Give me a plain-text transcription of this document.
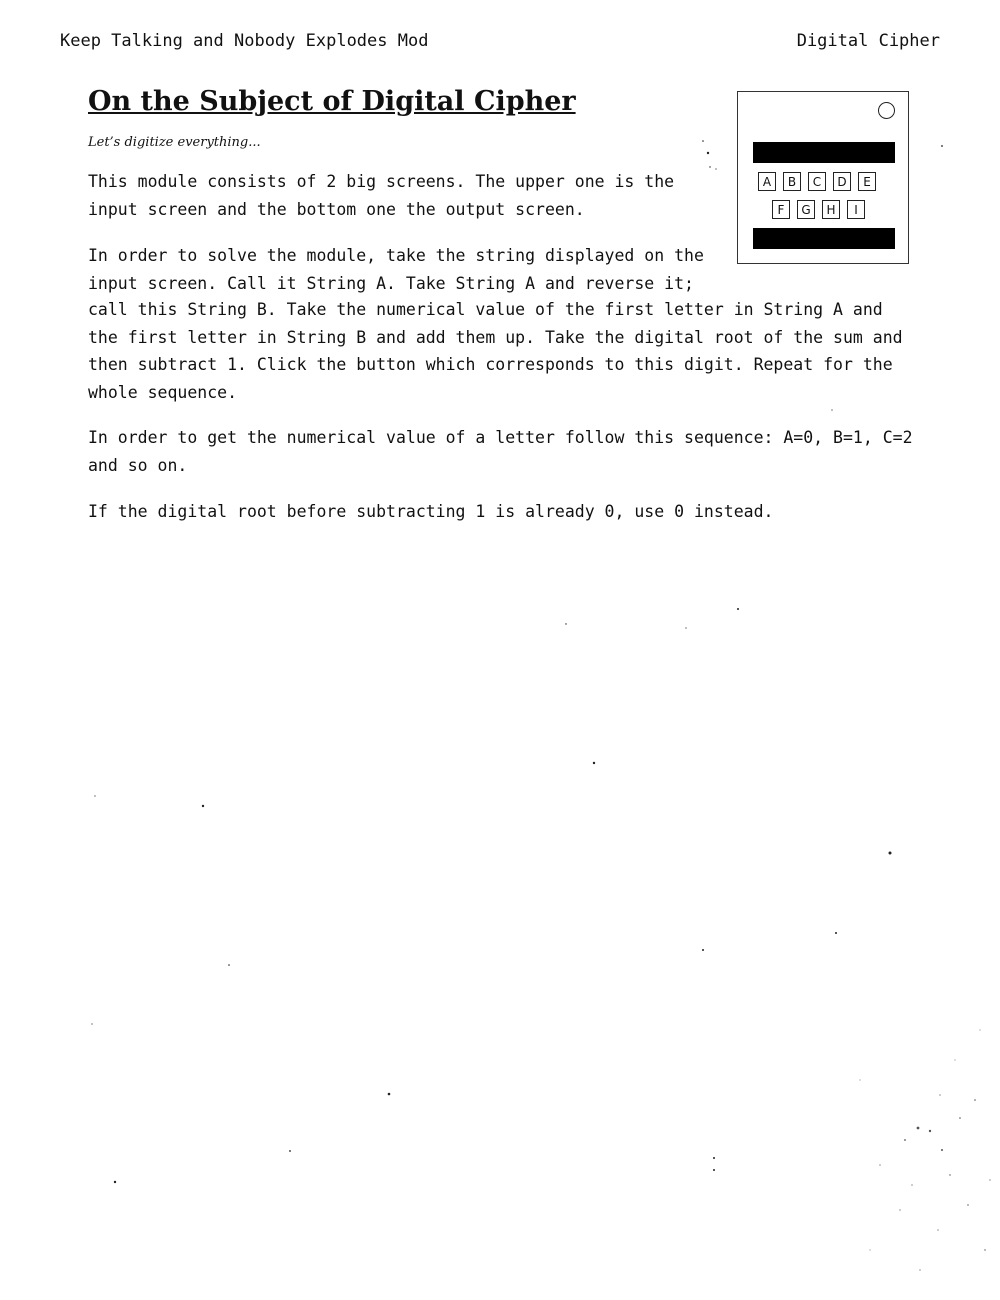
Keep Talking and Nobody Explodes Mod	Digital Cipher
On the Subject of Digital Cipher
Let’s digitize everything...

This module consists of 2 big screens. The upper one is the input screen and the bottom one the output screen.

In order to solve the module, take the string displayed on the input screen. Call it String A. Take String A and reverse it;

call this String B. Take the numerical value of the first letter in String A and the first letter in String B and add them up. Take the digital root of the sum and then subtract 1. Click the button which corresponds to this digit. Repeat for the whole sequence.

In order to get the numerical value of a letter follow this sequence: A=0, B=1, C=2 and so on.

If the digital root before subtracting 1 is already 0, use 0 instead.

A	B	C	D	E
F	G	H	I
